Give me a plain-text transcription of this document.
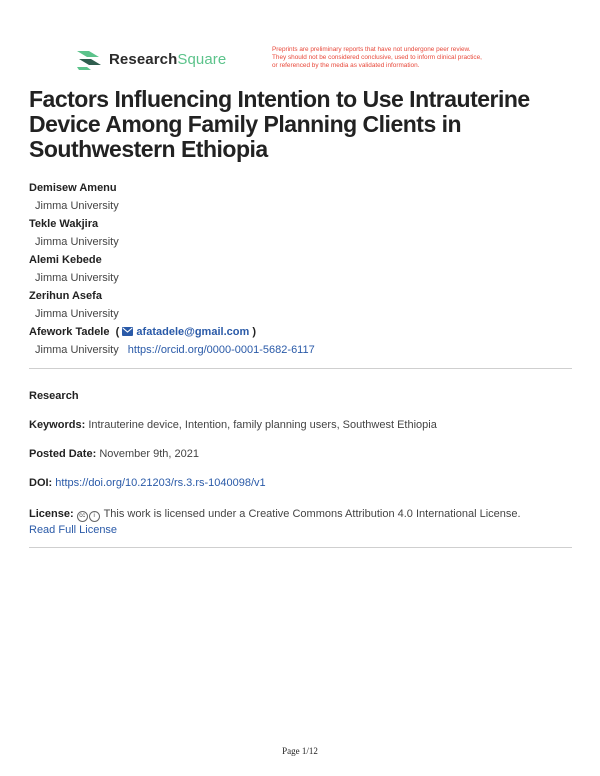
ResearchSquare
Preprints are preliminary reports that have not undergone peer review.
They should not be considered conclusive, used to inform clinical practice,
or referenced by the media as validated information.
Factors Influencing Intention to Use Intrauterine Device Among Family Planning Clients in Southwestern Ethiopia
Demisew Amenu
Jimma University
Tekle Wakjira
Jimma University
Alemi Kebede
Jimma University
Zerihun Asefa
Jimma University
Afework Tadele  ( afatadele@gmail.com )
Jimma University https://orcid.org/0000-0001-5682-6117
Research
Keywords: Intrauterine device, Intention, family planning users, Southwest Ethiopia
Posted Date: November 9th, 2021
DOI: https://doi.org/10.21203/rs.3.rs-1040098/v1
License: cc i This work is licensed under a Creative Commons Attribution 4.0 International License.
Read Full License
Page 1/12
